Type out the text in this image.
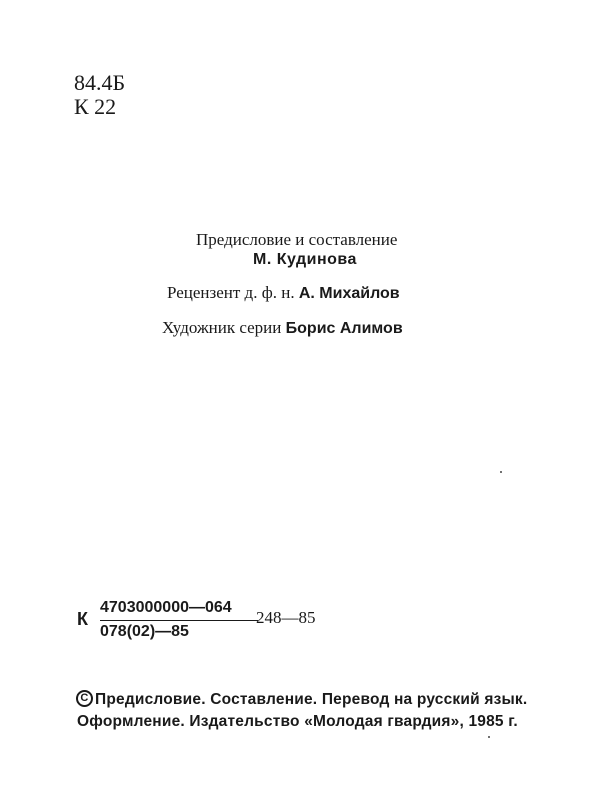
84.4Б
К 22
Предисловие и составление
М. Кудинова
Рецензент д. ф. н. А. Михайлов
Художник серии Борис Алимов
К
4703000000—064
078(02)—85
248—85
C Предисловие. Составление. Перевод на русский язык.
Оформление. Издательство «Молодая гвардия», 1985 г.
